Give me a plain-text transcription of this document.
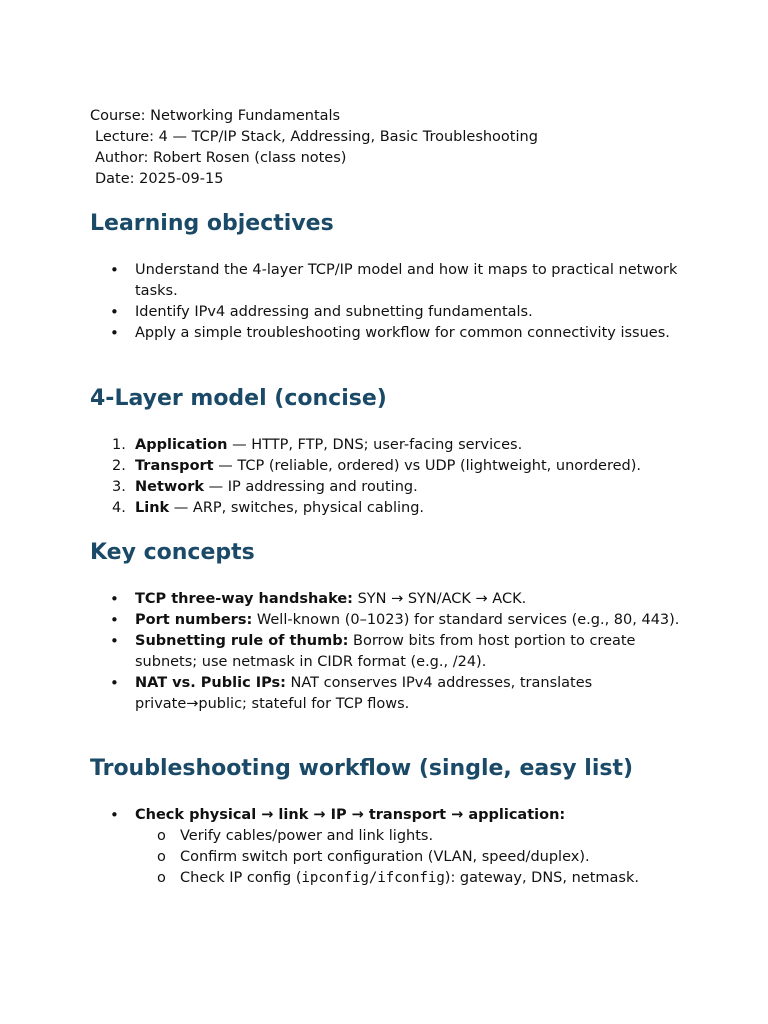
Course: Networking Fundamentals
Lecture: 4 — TCP/IP Stack, Addressing, Basic Troubleshooting
Author: Robert Rosen (class notes)
Date: 2025-09-15
Learning objectives
• Understand the 4-layer TCP/IP model and how it maps to practical network tasks.
• Identify IPv4 addressing and subnetting fundamentals.
• Apply a simple troubleshooting workflow for common connectivity issues.
4-Layer model (concise)
1. Application — HTTP, FTP, DNS; user-facing services.
2. Transport — TCP (reliable, ordered) vs UDP (lightweight, unordered).
3. Network — IP addressing and routing.
4. Link — ARP, switches, physical cabling.
Key concepts
• TCP three-way handshake: SYN → SYN/ACK → ACK.
• Port numbers: Well-known (0–1023) for standard services (e.g., 80, 443).
• Subnetting rule of thumb: Borrow bits from host portion to create subnets; use netmask in CIDR format (e.g., /24).
• NAT vs. Public IPs: NAT conserves IPv4 addresses, translates private→public; stateful for TCP flows.
Troubleshooting workflow (single, easy list)
• Check physical → link → IP → transport → application:
o Verify cables/power and link lights.
o Confirm switch port configuration (VLAN, speed/duplex).
o Check IP config (ipconfig/ifconfig): gateway, DNS, netmask.
